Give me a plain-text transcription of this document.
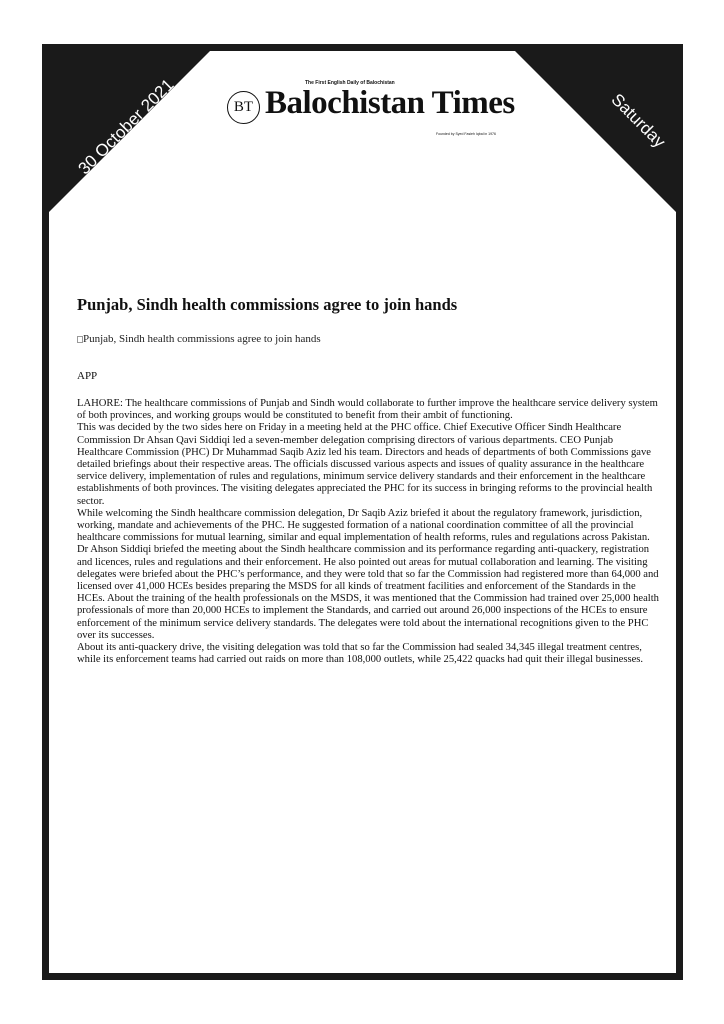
30 October 2021	Saturday
The First English Daily of Balochistan
BT Balochistan Times
Founded by Syed Fasieh Iqbal in 1976
Punjab, Sindh health commissions agree to join hands
Punjab, Sindh health commissions agree to join hands
APP

LAHORE: The healthcare commissions of Punjab and Sindh would collaborate to further improve the healthcare service delivery system of both provinces, and working groups would be constituted to benefit from their ambit of functioning.

This was decided by the two sides here on Friday in a meeting held at the PHC office. Chief Executive Officer Sindh Healthcare Commission Dr Ahsan Qavi Siddiqi led a seven-member delegation comprising directors of various departments. CEO Punjab Healthcare Commission (PHC) Dr Muhammad Saqib Aziz led his team. Directors and heads of departments of both Commissions gave detailed briefings about their respective areas. The officials discussed various aspects and issues of quality assurance in the healthcare service delivery, implementation of rules and regulations, minimum service delivery standards and their enforcement in the healthcare establishments of both provinces. The visiting delegates appreciated the PHC for its success in bringing reforms to the provincial health sector.

While welcoming the Sindh healthcare commission delegation, Dr Saqib Aziz briefed it about the regulatory framework, jurisdiction, working, mandate and achievements of the PHC. He suggested formation of a national coordination committee of all the provincial healthcare commissions for mutual learning, similar and equal implementation of health reforms, rules and regulations across Pakistan. Dr Ahson Siddiqi briefed the meeting about the Sindh healthcare commission and its performance regarding anti-quackery, registration and licences, rules and regulations and their enforcement. He also pointed out areas for mutual collaboration and learning. The visiting delegates were briefed about the PHC’s performance, and they were told that so far the Commission had registered more than 64,000 and licensed over 41,000 HCEs besides preparing the MSDS for all kinds of treatment facilities and enforcement of the Standards in the HCEs. About the training of the health professionals on the MSDS, it was mentioned that the Commission had trained over 25,000 health professionals of more than 20,000 HCEs to implement the Standards, and carried out around 26,000 inspections of the HCEs to ensure enforcement of the minimum service delivery standards. The delegates were told about the international recognitions given to the PHC over its successes.

About its anti-quackery drive, the visiting delegation was told that so far the Commission had sealed 34,345 illegal treatment centres, while its enforcement teams had carried out raids on more than 108,000 outlets, while 25,422 quacks had quit their illegal businesses.
